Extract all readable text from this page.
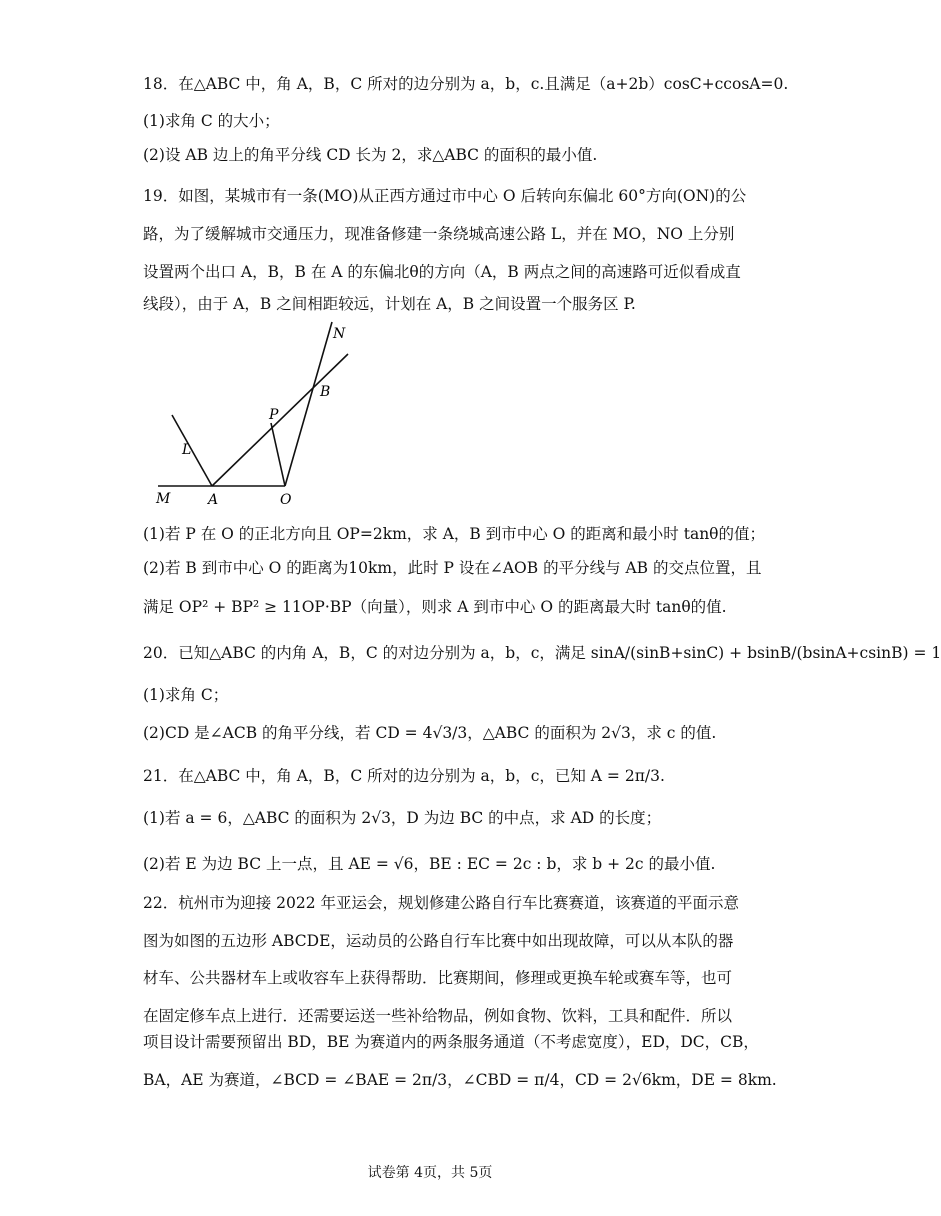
18．在△ABC 中，角 A，B，C 所对的边分别为 a，b，c.且满足（a+2b）cosC+ccosA=0.
(1)求角 C 的大小；
(2)设 AB 边上的角平分线 CD 长为 2，求△ABC 的面积的最小值.
19．如图，某城市有一条(MO)从正西方通过市中心 O 后转向东偏北 60°方向(ON)的公
路，为了缓解城市交通压力，现准备修建一条绕城高速公路 L，并在 MO，NO 上分别
设置两个出口 A，B，B 在 A 的东偏北θ的方向（A，B 两点之间的高速路可近似看成直
线段），由于 A，B 之间相距较远，计划在 A，B 之间设置一个服务区 P.
N
B
P
L
M	A	O
(1)若 P 在 O 的正北方向且 OP=2km，求 A，B 到市中心 O 的距离和最小时 tanθ的值；
(2)若 B 到市中心 O 的距离为10km，此时 P 设在∠AOB 的平分线与 AB 的交点位置，且
满足 OP² + BP² ≥ 11OP·BP（向量），则求 A 到市中心 O 的距离最大时 tanθ的值.
20．已知△ABC 的内角 A，B，C 的对边分别为 a，b，c，满足 sinA/(sinB+sinC) + bsinB/(bsinA+csinB) = 1
(1)求角 C；
(2)CD 是∠ACB 的角平分线，若 CD = 4√3/3，△ABC 的面积为 2√3，求 c 的值.
21．在△ABC 中，角 A，B，C 所对的边分别为 a，b，c，已知 A = 2π/3.
(1)若 a = 6，△ABC 的面积为 2√3，D 为边 BC 的中点，求 AD 的长度；
(2)若 E 为边 BC 上一点，且 AE = √6，BE : EC = 2c : b，求 b + 2c 的最小值.
22．杭州市为迎接 2022 年亚运会，规划修建公路自行车比赛赛道，该赛道的平面示意
图为如图的五边形 ABCDE，运动员的公路自行车比赛中如出现故障，可以从本队的器
材车、公共器材车上或收容车上获得帮助．比赛期间，修理或更换车轮或赛车等，也可
在固定修车点上进行．还需要运送一些补给物品，例如食物、饮料，工具和配件．所以
项目设计需要预留出 BD，BE 为赛道内的两条服务通道（不考虑宽度），ED，DC，CB，
BA，AE 为赛道，∠BCD = ∠BAE = 2π/3，∠CBD = π/4，CD = 2√6km，DE = 8km.
试卷第 4页，共 5页
